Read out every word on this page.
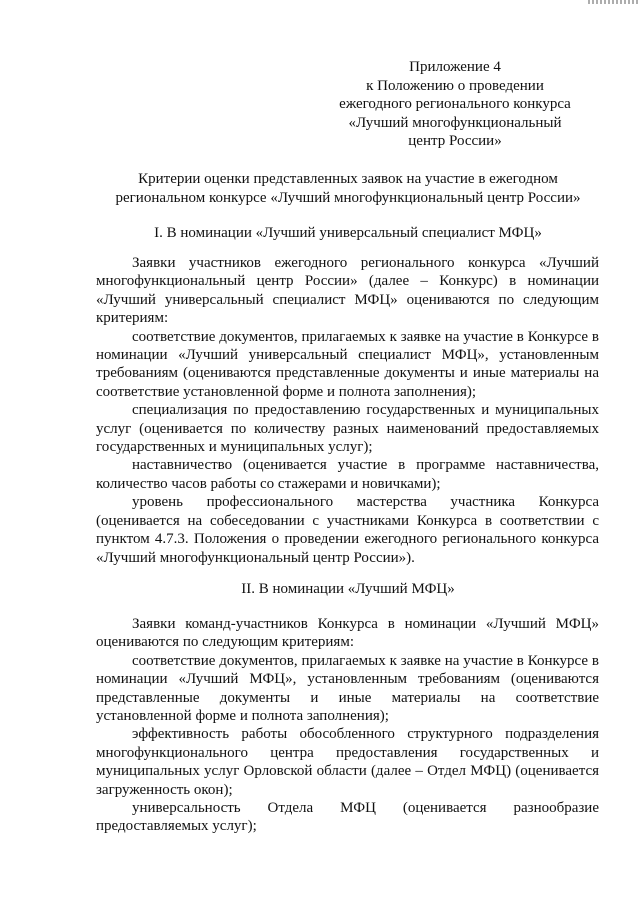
Приложение 4
к Положению о проведении
ежегодного регионального конкурса
«Лучший многофункциональный
центр России»
Критерии оценки представленных заявок на участие в ежегодном
региональном конкурсе «Лучший многофункциональный центр России»
I. В номинации «Лучший универсальный специалист МФЦ»

Заявки участников ежегодного регионального конкурса «Лучший многофункциональный центр России» (далее – Конкурс) в номинации «Лучший универсальный специалист МФЦ» оцениваются по следующим критериям:

соответствие документов, прилагаемых к заявке на участие в Конкурсе в номинации «Лучший универсальный специалист МФЦ», установленным требованиям (оцениваются представленные документы и иные материалы на соответствие установленной форме и полнота заполнения);

специализация по предоставлению государственных и муниципальных услуг (оценивается по количеству разных наименований предоставляемых государственных и муниципальных услуг);

наставничество (оценивается участие в программе наставничества, количество часов работы со стажерами и новичками);

уровень профессионального мастерства участника Конкурса (оценивается на собеседовании с участниками Конкурса в соответствии с пунктом 4.7.3. Положения о проведении ежегодного регионального конкурса «Лучший многофункциональный центр России»).

II. В номинации «Лучший МФЦ»

Заявки команд-участников Конкурса в номинации «Лучший МФЦ» оцениваются по следующим критериям:

соответствие документов, прилагаемых к заявке на участие в Конкурсе в номинации «Лучший МФЦ», установленным требованиям (оцениваются представленные документы и иные материалы на соответствие установленной форме и полнота заполнения);

эффективность работы обособленного структурного подразделения многофункционального центра предоставления государственных и муниципальных услуг Орловской области (далее – Отдел МФЦ) (оценивается загруженность окон);

универсальность Отдела МФЦ (оценивается разнообразие предоставляемых услуг);
